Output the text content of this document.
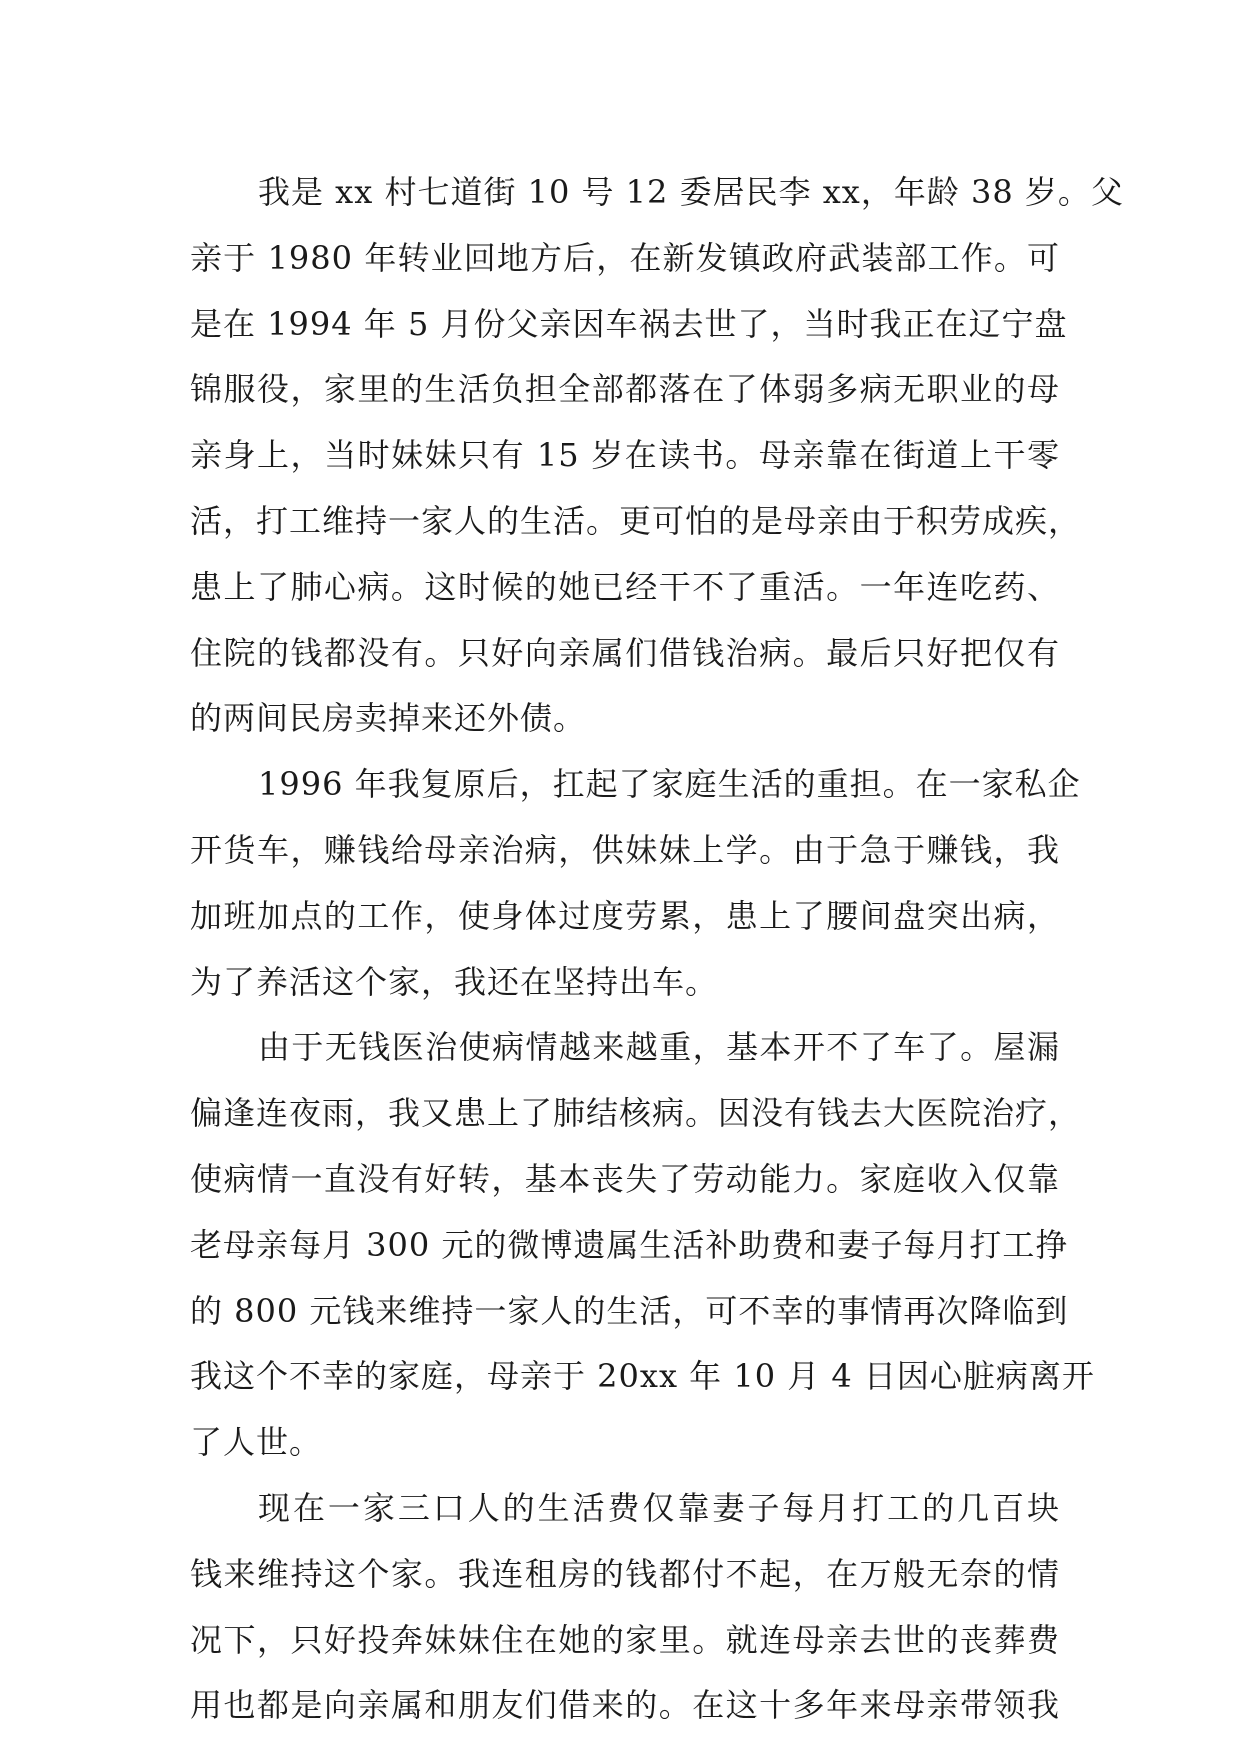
我是 xx 村七道街 10 号 12 委居民李 xx，年龄 38 岁。父
亲于 1980 年转业回地方后，在新发镇政府武装部工作。可
是在 1994 年 5 月份父亲因车祸去世了，当时我正在辽宁盘
锦服役，家里的生活负担全部都落在了体弱多病无职业的母
亲身上，当时妹妹只有 15 岁在读书。母亲靠在街道上干零
活，打工维持一家人的生活。更可怕的是母亲由于积劳成疾，
患上了肺心病。这时候的她已经干不了重活。一年连吃药、
住院的钱都没有。只好向亲属们借钱治病。最后只好把仅有
的两间民房卖掉来还外债。
1996 年我复原后，扛起了家庭生活的重担。在一家私企
开货车，赚钱给母亲治病，供妹妹上学。由于急于赚钱，我
加班加点的工作，使身体过度劳累，患上了腰间盘突出病，
为了养活这个家，我还在坚持出车。
由于无钱医治使病情越来越重，基本开不了车了。屋漏
偏逢连夜雨，我又患上了肺结核病。因没有钱去大医院治疗，
使病情一直没有好转，基本丧失了劳动能力。家庭收入仅靠
老母亲每月 300 元的微博遗属生活补助费和妻子每月打工挣
的 800 元钱来维持一家人的生活，可不幸的事情再次降临到
我这个不幸的家庭，母亲于 20xx 年 10 月 4 日因心脏病离开
了人世。
现在一家三口人的生活费仅靠妻子每月打工的几百块
钱来维持这个家。我连租房的钱都付不起，在万般无奈的情
况下，只好投奔妹妹住在她的家里。就连母亲去世的丧葬费
用也都是向亲属和朋友们借来的。在这十多年来母亲带领我
